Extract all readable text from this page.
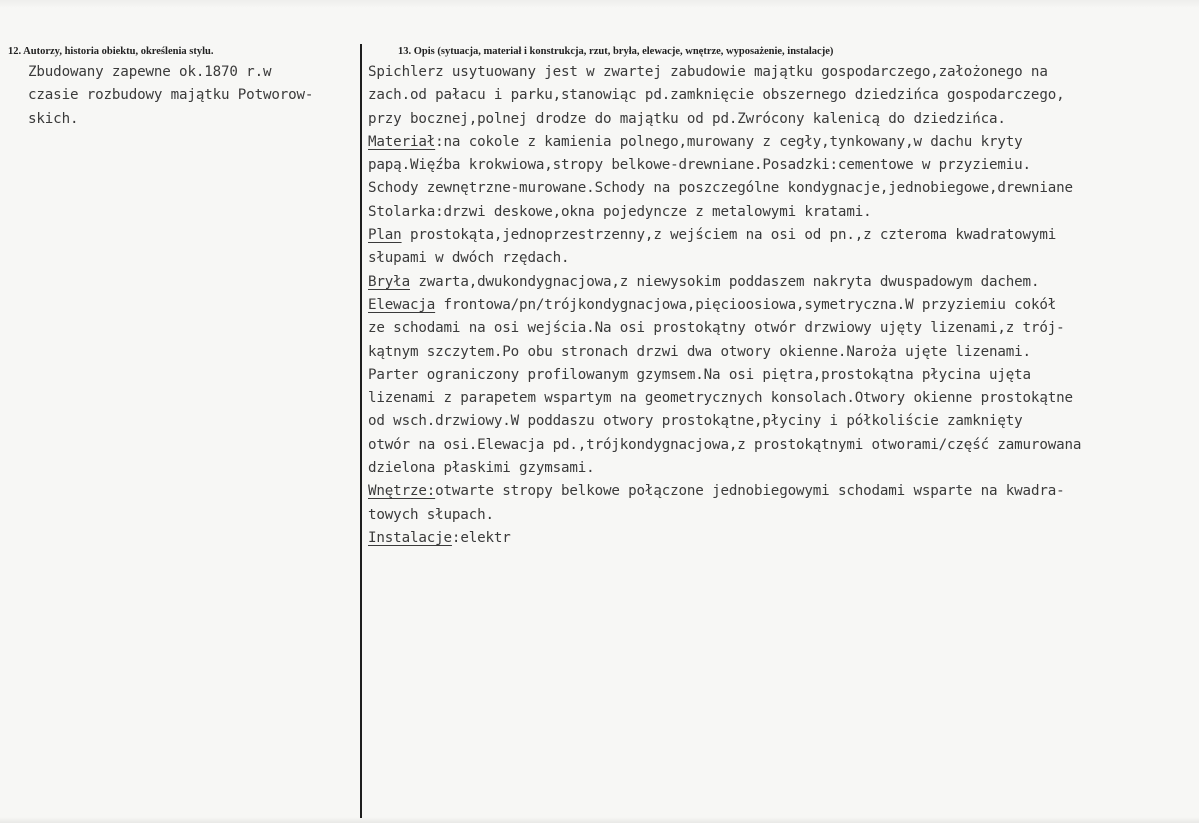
12. Autorzy, historia obiektu, określenia stylu.	13. Opis (sytuacja, materiał i konstrukcja, rzut, bryła, elewacje, wnętrze, wyposażenie, instalacje)
Zbudowany zapewne ok.1870 r.w
czasie rozbudowy majątku Potworow-
skich.
Spichlerz usytuowany jest w zwartej zabudowie majątku gospodarczego,założonego na
zach.od pałacu i parku,stanowiąc pd.zamknięcie obszernego dziedzińca gospodarczego,
przy bocznej,polnej drodze do majątku od pd.Zwrócony kalenicą do dziedzińca.
Materiał:na cokole z kamienia polnego,murowany z cegły,tynkowany,w dachu kryty
papą.Więźba krokwiowa,stropy belkowe-drewniane.Posadzki:cementowe w przyziemiu.
Schody zewnętrzne-murowane.Schody na poszczególne kondygnacje,jednobiegowe,drewniane
Stolarka:drzwi deskowe,okna pojedyncze z metalowymi kratami.
Plan prostokąta,jednoprzestrzenny,z wejściem na osi od pn.,z czteroma kwadratowymi
słupami w dwóch rzędach.
Bryła zwarta,dwukondygnacjowa,z niewysokim poddaszem nakryta dwuspadowym dachem.
Elewacja frontowa/pn/trójkondygnacjowa,pięcioosiowa,symetryczna.W przyziemiu cokół
ze schodami na osi wejścia.Na osi prostokątny otwór drzwiowy ujęty lizenami,z trój-
kątnym szczytem.Po obu stronach drzwi dwa otwory okienne.Naroża ujęte lizenami.
Parter ograniczony profilowanym gzymsem.Na osi piętra,prostokątna płycina ujęta
lizenami z parapetem wspartym na geometrycznych konsolach.Otwory okienne prostokątne
od wsch.drzwiowy.W poddaszu otwory prostokątne,płyciny i półkoliście zamknięty
otwór na osi.Elewacja pd.,trójkondygnacjowa,z prostokątnymi otworami/część zamurowana
dzielona płaskimi gzymsami.
Wnętrze:otwarte stropy belkowe połączone jednobiegowymi schodami wsparte na kwadra-
towych słupach.
Instalacje:elektr
